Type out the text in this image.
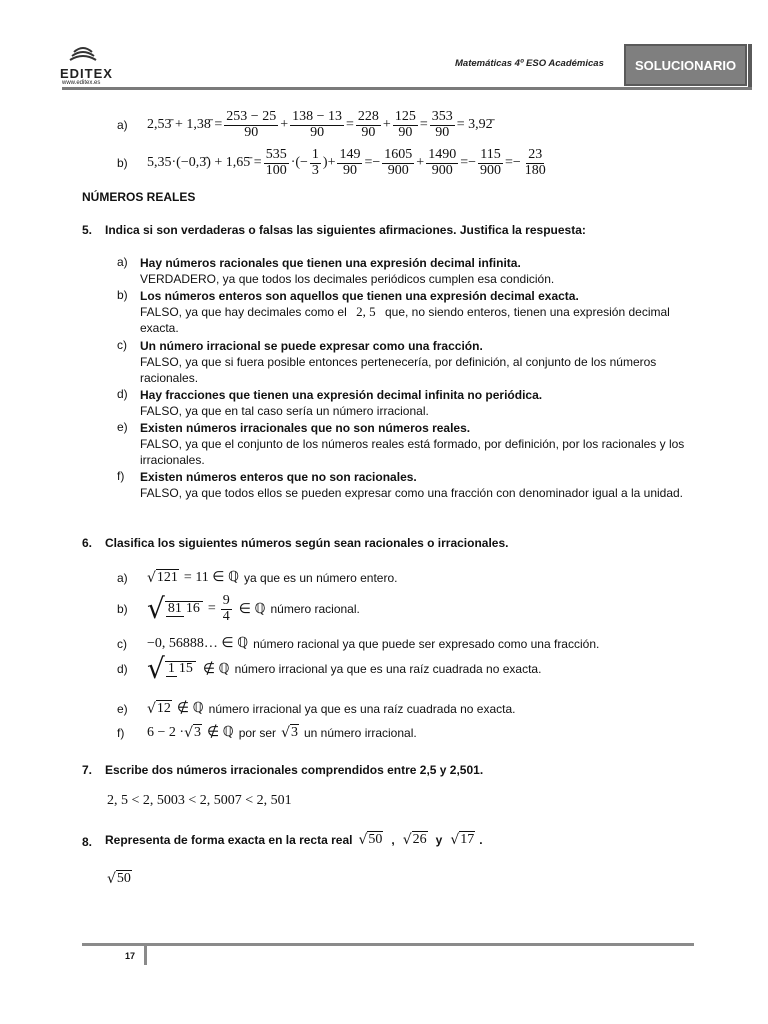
EDITEX
www.editex.es
Matemáticas 4º ESO Académicas	SOLUCIONARIO
a)	2,53̄ + 1,38̄ = $\frac{253 - 25}{90} + \frac{138 - 13}{90} = \frac{228}{90} + \frac{125}{90} = \frac{353}{90}$ = 3,92̄
b)	5,35·(−0,3̄) + 1,65̄ = $\frac{535}{100}$ ·(− $\frac{1}{3}$ )+ $\frac{149}{90} =- \frac{1605}{900} + \frac{1490}{900} =- \frac{115}{900} =- \frac{23}{180}$
NÚMEROS REALES
5. Indica si son verdaderas o falsas las siguientes afirmaciones. Justifica la respuesta:
a) Hay números racionales que tienen una expresión decimal infinita.
VERDADERO, ya que todos los decimales periódicos cumplen esa condición.
b) Los números enteros son aquellos que tienen una expresión decimal exacta.
FALSO, ya que hay decimales como el 2, 5 que, no siendo enteros, tienen una expresión decimal exacta.
c) Un número irracional se puede expresar como una fracción.
FALSO, ya que si fuera posible entonces pertenecería, por definición, al conjunto de los números racionales.
d) Hay fracciones que tienen una expresión decimal infinita no periódica.
FALSO, ya que en tal caso sería un número irracional.
e) Existen números irracionales que no son números reales.
FALSO, ya que el conjunto de los números reales está formado, por definición, por los racionales y los irracionales.
f) Existen números enteros que no son racionales.
FALSO, ya que todos ellos se pueden expresar como una fracción con denominador igual a la unidad.
6. Clasifica los siguientes números según sean racionales o irracionales.
a)	√ 121 = 11 ∈ ℚ ya que es un número entero.
b) √ 81 $16 = \frac{9}{4}$ ∈ ℚ número racional.
c)	−0, 56888… ∈ ℚ número racional ya que puede ser expresado como una fracción.
d) √ 1 15 ∉ ℚ número irracional ya que es una raíz cuadrada no exacta.
e)	√ 12 ∉ ℚ número irracional ya que es una raíz cuadrada no exacta.
f)	6 − 2 · √ 3 ∉ ℚ por ser √ 3 un número irracional.
7. Escribe dos números irracionales comprendidos entre 2,5 y 2,501.
2, 5 < 2, 5003 < 2, 5007 < 2, 501
8. Representa de forma exacta en la recta real √ 50 , √ 26 y √ 17 .
√ 50
17
